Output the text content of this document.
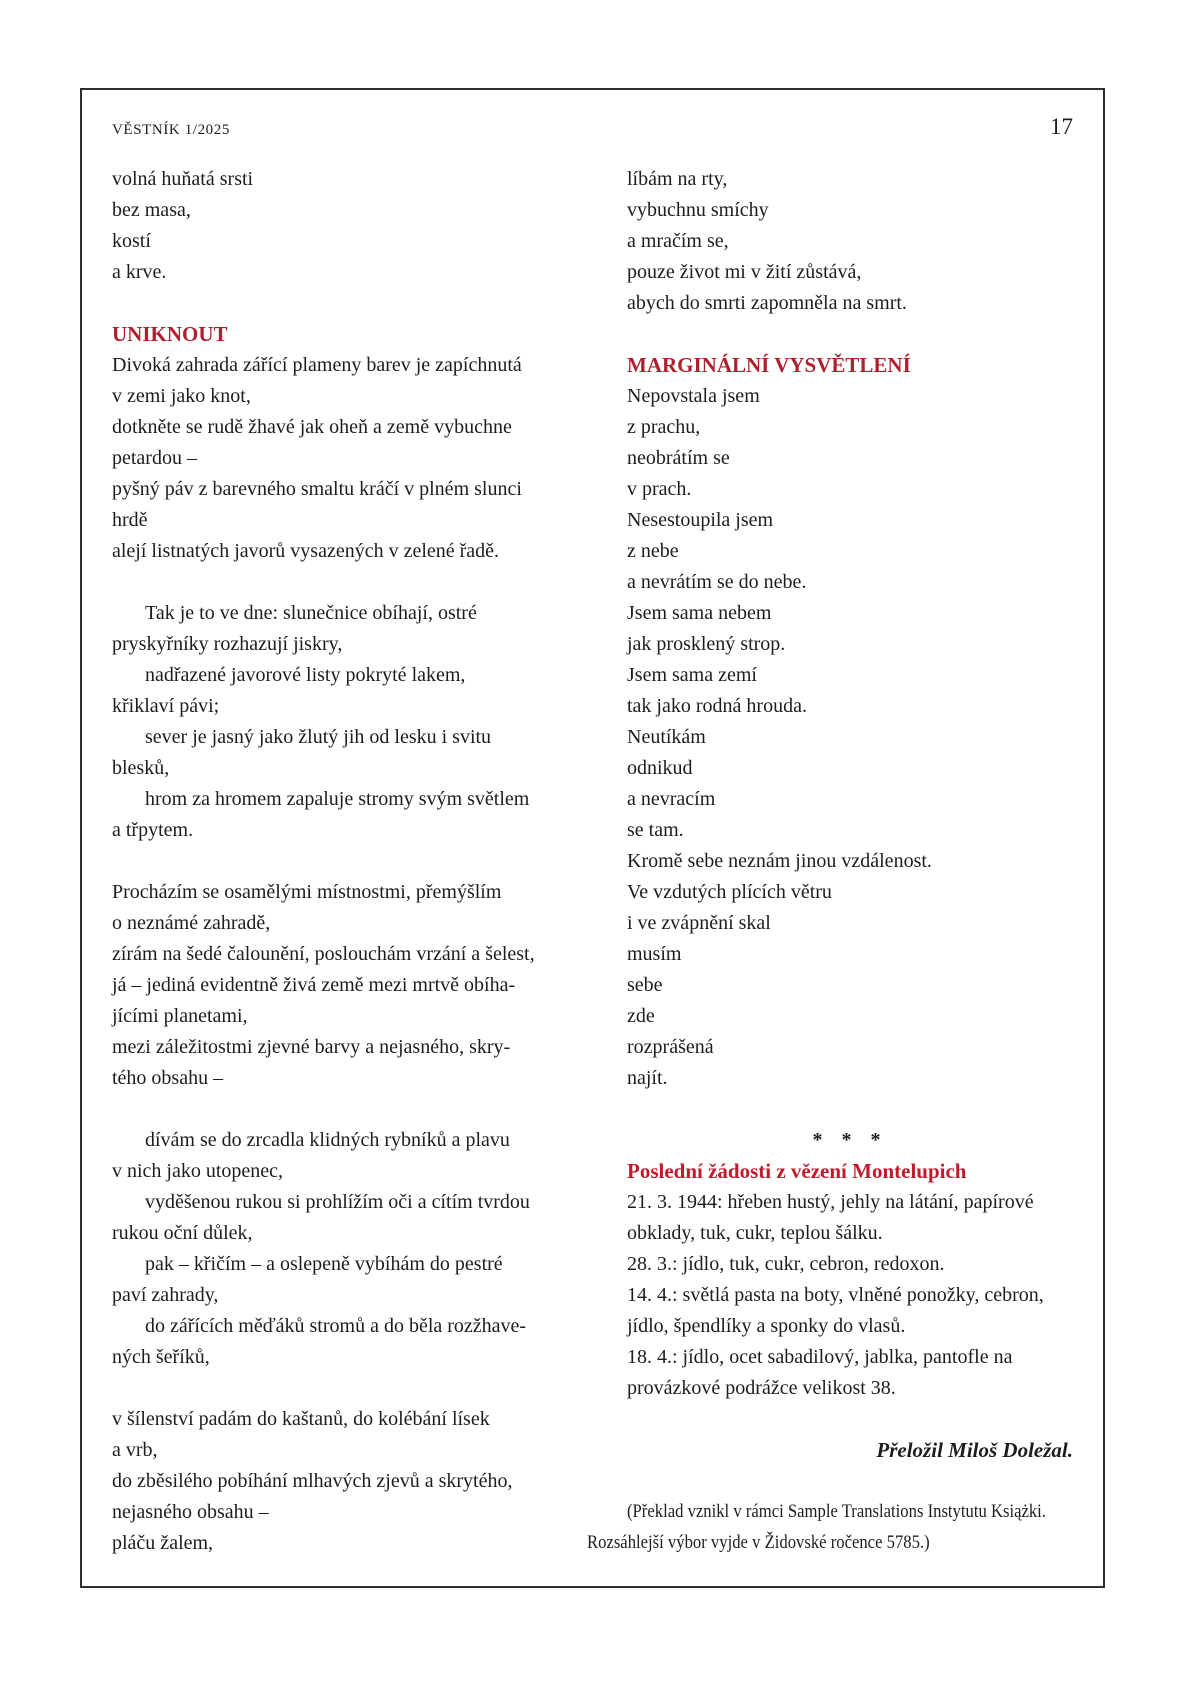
VĚSTNÍK 1/2025	17
volná huňatá srsti
bez masa,
kostí
a krve.
UNIKNOUT
Divoká zahrada zářící plameny barev je zapíchnutá
v zemi jako knot,
dotkněte se rudě žhavé jak oheň a země vybuchne
petardou –
pyšný páv z barevného smaltu kráčí v plném slunci
hrdě
alejí listnatých javorů vysazených v zelené řadě.
Tak je to ve dne: slunečnice obíhají, ostré
pryskyřníky rozhazují jiskry,
nadřazené javorové listy pokryté lakem,
křiklaví pávi;
sever je jasný jako žlutý jih od lesku i svitu
blesků,
hrom za hromem zapaluje stromy svým světlem
a třpytem.
Procházím se osamělými místnostmi, přemýšlím
o neznámé zahradě,
zírám na šedé čalounění, poslouchám vrzání a šelest,
já – jediná evidentně živá země mezi mrtvě obíha-
jícími planetami,
mezi záležitostmi zjevné barvy a nejasného, skry-
tého obsahu –
dívám se do zrcadla klidných rybníků a plavu
v nich jako utopenec,
vyděšenou rukou si prohlížím oči a cítím tvrdou
rukou oční důlek,
pak – křičím – a oslepeně vybíhám do pestré
paví zahrady,
do zářících měďáků stromů a do běla rozžhave-
ných šeříků,
v šílenství padám do kaštanů, do kolébání lísek
a vrb,
do zběsilého pobíhání mlhavých zjevů a skrytého,
nejasného obsahu –
pláču žalem,
líbám na rty,
vybuchnu smíchy
a mračím se,
pouze život mi v žití zůstává,
abych do smrti zapomněla na smrt.
MARGINÁLNÍ VYSVĚTLENÍ
Nepovstala jsem
z prachu,
neobrátím se
v prach.
Nesestoupila jsem
z nebe
a nevrátím se do nebe.
Jsem sama nebem
jak prosklený strop.
Jsem sama zemí
tak jako rodná hrouda.
Neutíkám
odnikud
a nevracím
se tam.
Kromě sebe neznám jinou vzdálenost.
Ve vzdutých plících větru
i ve zvápnění skal
musím
sebe
zde
rozprášená
najít.
* * *
Poslední žádosti z vězení Montelupich
21. 3. 1944: hřeben hustý, jehly na látání, papírové
obklady, tuk, cukr, teplou šálku.
28. 3.: jídlo, tuk, cukr, cebron, redoxon.
14. 4.: světlá pasta na boty, vlněné ponožky, cebron,
jídlo, špendlíky a sponky do vlasů.
18. 4.: jídlo, ocet sabadilový, jablka, pantofle na
provázkové podrážce velikost 38.
Přeložil Miloš Doležal.
(Překlad vznikl v rámci Sample Translations Instytutu Książki.
Rozsáhlejší výbor vyjde v Židovské ročence 5785.)
